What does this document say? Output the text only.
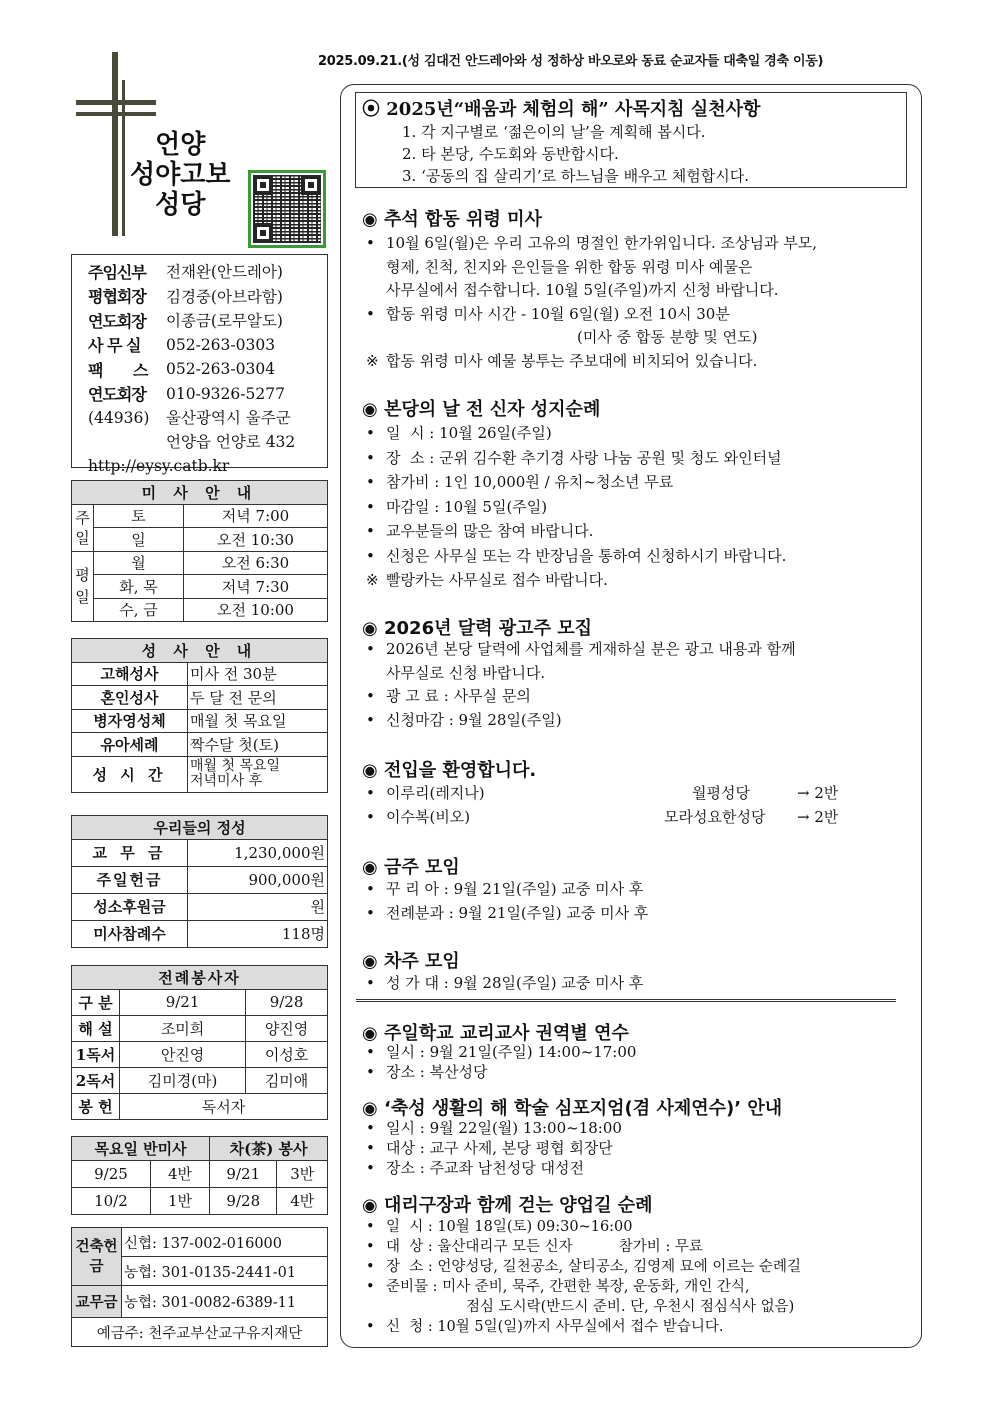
2025.09.21.(성 김대건 안드레아와 성 정하상 바오로와 동료 순교자들 대축일 경축 이동)
언양
성야고보
성당
주임신부	전재완(안드레아)
평협회장	김경중(아브라함)
연도회장	이종금(로무알도)
사 무 실	052-263-0303
팩 스 052-263-0304
연도회장	010-9326-5277
(44936)	울산광역시 울주군
언양읍 언양로 432
http://eysy.catb.kr
미 사 안 내		
주일	토	저녁 7:00
	일	오전 10:30
평일	월	오전 6:30
	화, 목	저녁 7:30
	수, 금	오전 10:00
성 사 안 내	
고해성사	미사 전 30분
혼인성사	두 달 전 문의
병자영성체	매월 첫 목요일
유아세례	짝수달 첫(토)
성 시 간	매월 첫 목요일
저녁미사 후
우리들의 정성	
교 무 금	1,230,000원
주일헌금	900,000원
성소후원금	원
미사참례수	118명
전례봉사자		
구 분	9/21	9/28
해 설	조미희	양진영
1독서	안진영	이성호
2독서	김미경(마)	김미애
봉 헌	독서자	
목요일 반미사		차(茶) 봉사	
9/25	4반	9/21	3반
10/2	1반	9/28	4반
건축헌금	신협: 137-002-016000
	농협: 301-0135-2441-01
교무금	농협: 301-0082-6389-11
예금주: 천주교부산교구유지재단	
⦿ 2025년“배움과 체험의 해” 사목지침 실천사항
1. 각 지구별로 ‘젊은이의 날’을 계획해 봅시다.
2. 타 본당, 수도회와 동반합시다.
3. ‘공동의 집 살리기’로 하느님을 배우고 체험합시다.
◉ 추석 합동 위령 미사
• 10월 6일(월)은 우리 고유의 명절인 한가위입니다. 조상님과 부모,
형제, 친척, 친지와 은인들을 위한 합동 위령 미사 예물은
사무실에서 접수합니다. 10월 5일(주일)까지 신청 바랍니다.
• 합동 위령 미사 시간 - 10월 6일(월) 오전 10시 30분
(미사 중 합동 분향 및 연도)
※ 합동 위령 미사 예물 봉투는 주보대에 비치되어 있습니다.
◉ 본당의 날 전 신자 성지순례
• 일  시 : 10월 26일(주일)
• 장  소 : 군위 김수환 추기경 사랑 나눔 공원 및 청도 와인터널
• 참가비 : 1인 10,000원 / 유치~청소년 무료
• 마감일 : 10월 5일(주일)
• 교우분들의 많은 참여 바랍니다.
• 신청은 사무실 또는 각 반장님을 통하여 신청하시기 바랍니다.
※ 빨랑카는 사무실로 접수 바랍니다.
◉ 2026년 달력 광고주 모집
• 2026년 본당 달력에 사업체를 게재하실 분은 광고 내용과 함께
사무실로 신청 바랍니다.
• 광 고 료 : 사무실 문의
• 신청마감 : 9월 28일(주일)
◉ 전입을 환영합니다.
• 이루리(레지나)	월평성당	→ 2반
• 이수복(비오)	모라성요한성당 → 2반
◉ 금주 모임
• 꾸 리 아 : 9월 21일(주일) 교중 미사 후
• 전례분과 : 9월 21일(주일) 교중 미사 후
◉ 차주 모임
• 성 가 대 : 9월 28일(주일) 교중 미사 후
◉ 주일학교 교리교사 권역별 연수
• 일시 : 9월 21일(주일) 14:00~17:00
• 장소 : 복산성당
◉ ‘축성 생활의 해 학술 심포지엄(겸 사제연수)’ 안내
• 일시 : 9월 22일(월) 13:00~18:00
• 대상 : 교구 사제, 본당 평협 회장단
• 장소 : 주교좌 남천성당 대성전
◉ 대리구장과 함께 걷는 양업길 순례
• 일  시 : 10월 18일(토) 09:30~16:00
• 대  상 : 울산대리구 모든 신자          참가비 : 무료
• 장  소 : 언양성당, 길천공소, 살티공소, 김영제 묘에 이르는 순례길
• 준비물 : 미사 준비, 묵주, 간편한 복장, 운동화, 개인 간식,
점심 도시락(반드시 준비. 단, 우천시 점심식사 없음)
• 신  청 : 10월 5일(일)까지 사무실에서 접수 받습니다.
